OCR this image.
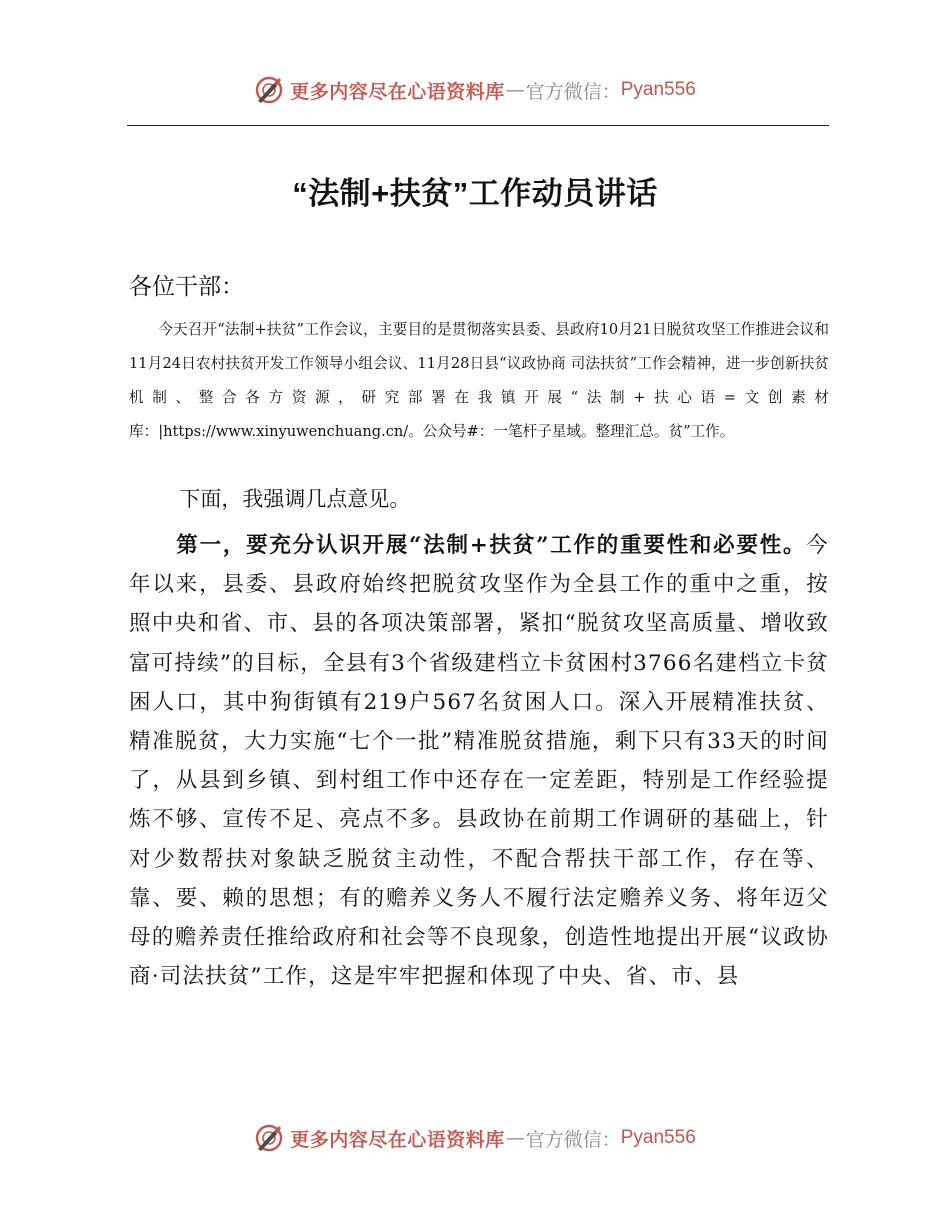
更多内容尽在心语资料库 — 官方微信： Pyan556
“法制+扶贫”工作动员讲话
各位干部：
今天召开“法制+扶贫”工作会议，主要目的是贯彻落实县委、县政府10月21日脱贫攻坚工作推进会议和11月24日农村扶贫开发工作领导小组会议、11月28日县“议政协商 司法扶贫”工作会精神，进一步创新扶贫机制、整合各方资源，研究部署在我镇开展“法制+扶心语=文创素材库：|https://www.xinyuwenchuang.cn/。公众号#：一笔杆子星域。整理汇总。贫”工作。
下面，我强调几点意见。
第一，要充分认识开展“法制+扶贫”工作的重要性和必要性。今年以来，县委、县政府始终把脱贫攻坚作为全县工作的重中之重，按照中央和省、市、县的各项决策部署，紧扣“脱贫攻坚高质量、增收致富可持续”的目标，全县有3个省级建档立卡贫困村3766名建档立卡贫困人口，其中狗街镇有219户567名贫困人口。深入开展精准扶贫、精准脱贫，大力实施“七个一批”精准脱贫措施，剩下只有33天的时间了，从县到乡镇、到村组工作中还存在一定差距，特别是工作经验提炼不够、宣传不足、亮点不多。县政协在前期工作调研的基础上，针对少数帮扶对象缺乏脱贫主动性，不配合帮扶干部工作，存在等、靠、要、赖的思想；有的赡养义务人不履行法定赡养义务、将年迈父母的赡养责任推给政府和社会等不良现象，创造性地提出开展“议政协商·司法扶贫”工作，这是牢牢把握和体现了中央、省、市、县
更多内容尽在心语资料库 — 官方微信： Pyan556
